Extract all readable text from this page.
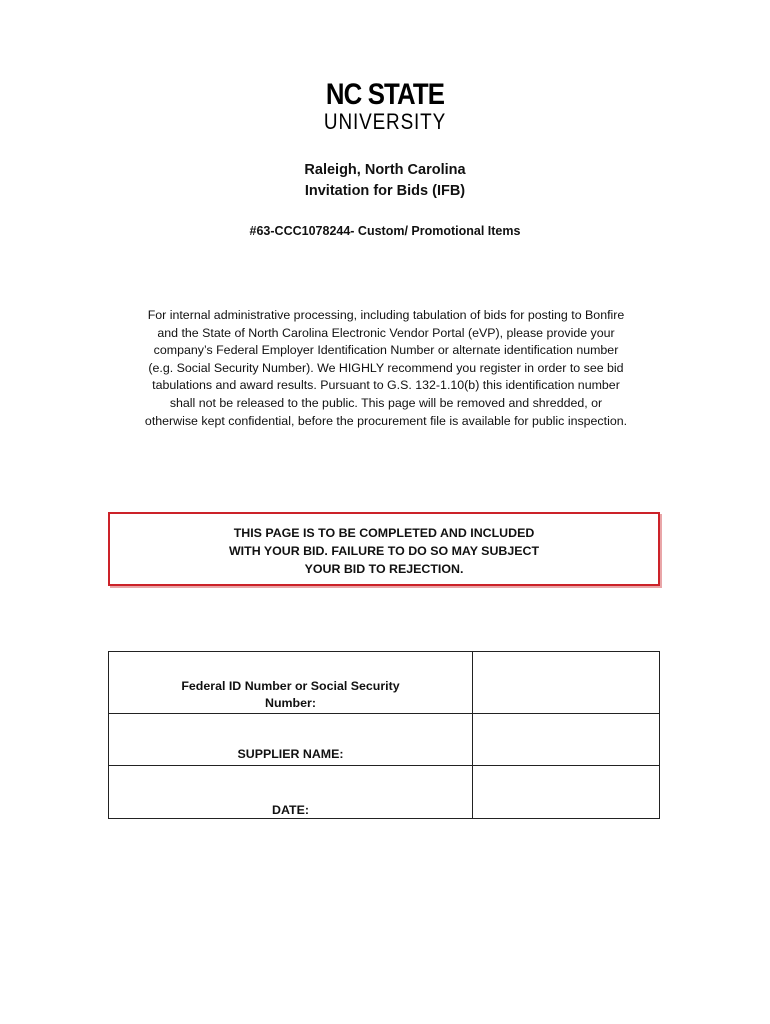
NC STATE
UNIVERSITY
Raleigh, North Carolina
Invitation for Bids (IFB)
#63-CCC1078244- Custom/ Promotional Items
For internal administrative processing, including tabulation of bids for posting to Bonfire
and the State of North Carolina Electronic Vendor Portal (eVP), please provide your
company’s Federal Employer Identification Number or alternate identification number
(e.g. Social Security Number). We HIGHLY recommend you register in order to see bid
tabulations and award results. Pursuant to G.S. 132-1.10(b) this identification number
shall not be released to the public. This page will be removed and shredded, or
otherwise kept confidential, before the procurement file is available for public inspection.
THIS PAGE IS TO BE COMPLETED AND INCLUDED
WITH YOUR BID. FAILURE TO DO SO MAY SUBJECT
YOUR BID TO REJECTION.
Federal ID Number or Social Security
Number:
SUPPLIER NAME:
DATE:
